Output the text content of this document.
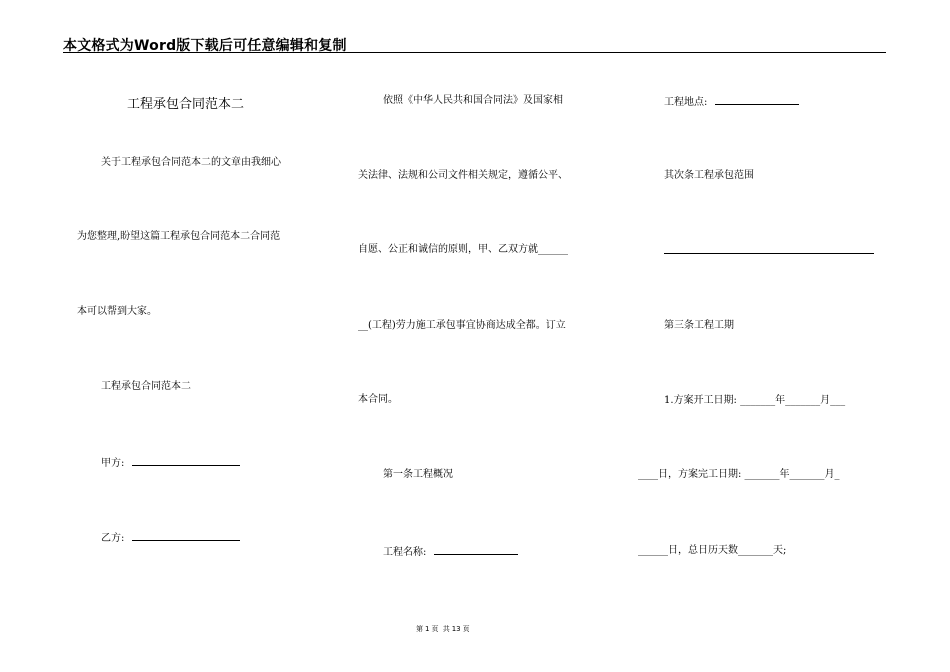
本文格式为Word版下载后可任意编辑和复制
工程承包合同范本二
关于工程承包合同范本二的文章由我细心
为您整理,盼望这篇工程承包合同范本二合同范
本可以帮到大家。
工程承包合同范本二
甲方:
乙方:
依照《中华人民共和国合同法》及国家相
关法律、法规和公司文件相关规定，遵循公平、
自愿、公正和诚信的原则，甲、乙双方就______
__(工程)劳力施工承包事宜协商达成全都。订立
本合同。
第一条工程概况
工程名称:
工程地点:
其次条工程承包范围
第三条工程工期
1.方案开工日期: _______年_______月___
____日，方案完工日期: _______年_______月_
______日，总日历天数_______天;
第 1 页 共 13 页
